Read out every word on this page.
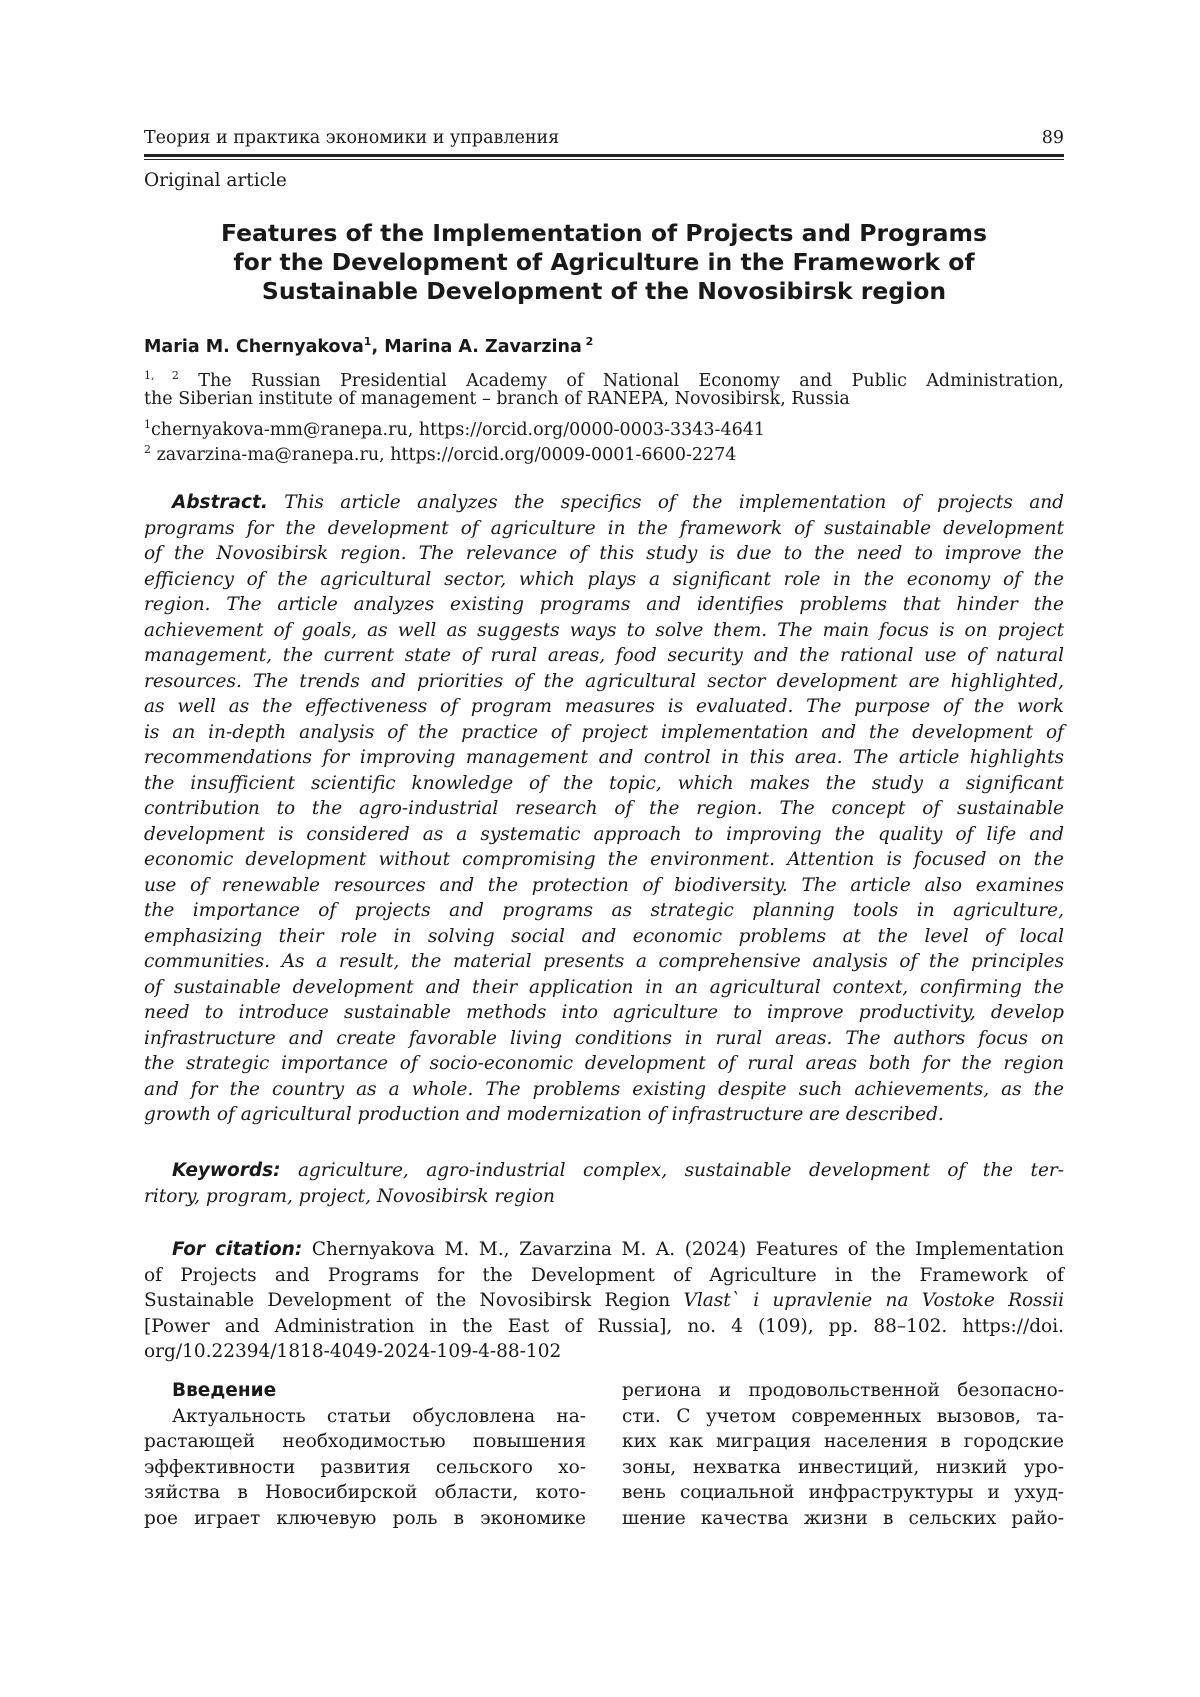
Теория и практика экономики и управления	89
Original article
Features of the Implementation of Projects and Programs
for the Development of Agriculture in the Framework of
Sustainable Development of the Novosibirsk region
Maria M. Chernyakova$^1$, Marina A. Zavarzina $^2$
$^{1, 2}$ The Russian Presidential Academy of National Economy and Public Administration,
the Siberian institute of management – branch of RANEPA, Novosibirsk, Russia
$^1$chernyakova-mm@ranepa.ru, https://orcid.org/0000-0003-3343-4641
$^2$ zavarzina-ma@ranepa.ru, https://orcid.org/0009-0001-6600-2274
Abstract. This article analyzes the specifics of the implementation of projects and
programs for the development of agriculture in the framework of sustainable development
of the Novosibirsk region. The relevance of this study is due to the need to improve the
efficiency of the agricultural sector, which plays a significant role in the economy of the
region. The article analyzes existing programs and identifies problems that hinder the
achievement of goals, as well as suggests ways to solve them. The main focus is on project
management, the current state of rural areas, food security and the rational use of natural
resources. The trends and priorities of the agricultural sector development are highlighted,
as well as the effectiveness of program measures is evaluated. The purpose of the work
is an in-depth analysis of the practice of project implementation and the development of
recommendations for improving management and control in this area. The article highlights
the insufficient scientific knowledge of the topic, which makes the study a significant
contribution to the agro-industrial research of the region. The concept of sustainable
development is considered as a systematic approach to improving the quality of life and
economic development without compromising the environment. Attention is focused on the
use of renewable resources and the protection of biodiversity. The article also examines
the importance of projects and programs as strategic planning tools in agriculture,
emphasizing their role in solving social and economic problems at the level of local
communities. As a result, the material presents a comprehensive analysis of the principles
of sustainable development and their application in an agricultural context, confirming the
need to introduce sustainable methods into agriculture to improve productivity, develop
infrastructure and create favorable living conditions in rural areas. The authors focus on
the strategic importance of socio-economic development of rural areas both for the region
and for the country as a whole. The problems existing despite such achievements, as the
growth of agricultural production and modernization of infrastructure are described.
Keywords: agriculture, agro-industrial complex, sustainable development of the ter-
ritory, program, project, Novosibirsk region
For citation: Chernyakova M. M., Zavarzina M. A. (2024) Features of the Implementation
of Projects and Programs for the Development of Agriculture in the Framework of
Sustainable Development of the Novosibirsk Region Vlast` i upravlenie na Vostoke Rossii
[Power and Administration in the East of Russia], no. 4 (109), pp. 88–102. https://doi.
org/10.22394/1818-4049-2024-109-4-88-102
Введение
Актуальность статьи обусловлена на-
растающей необходимостью повышения
эффективности развития сельского хо-
зяйства в Новосибирской области, кото-
рое играет ключевую роль в экономике
региона и продовольственной безопасно-
сти. С учетом современных вызовов, та-
ких как миграция населения в городские
зоны, нехватка инвестиций, низкий уро-
вень социальной инфраструктуры и ухуд-
шение качества жизни в сельских райо-
